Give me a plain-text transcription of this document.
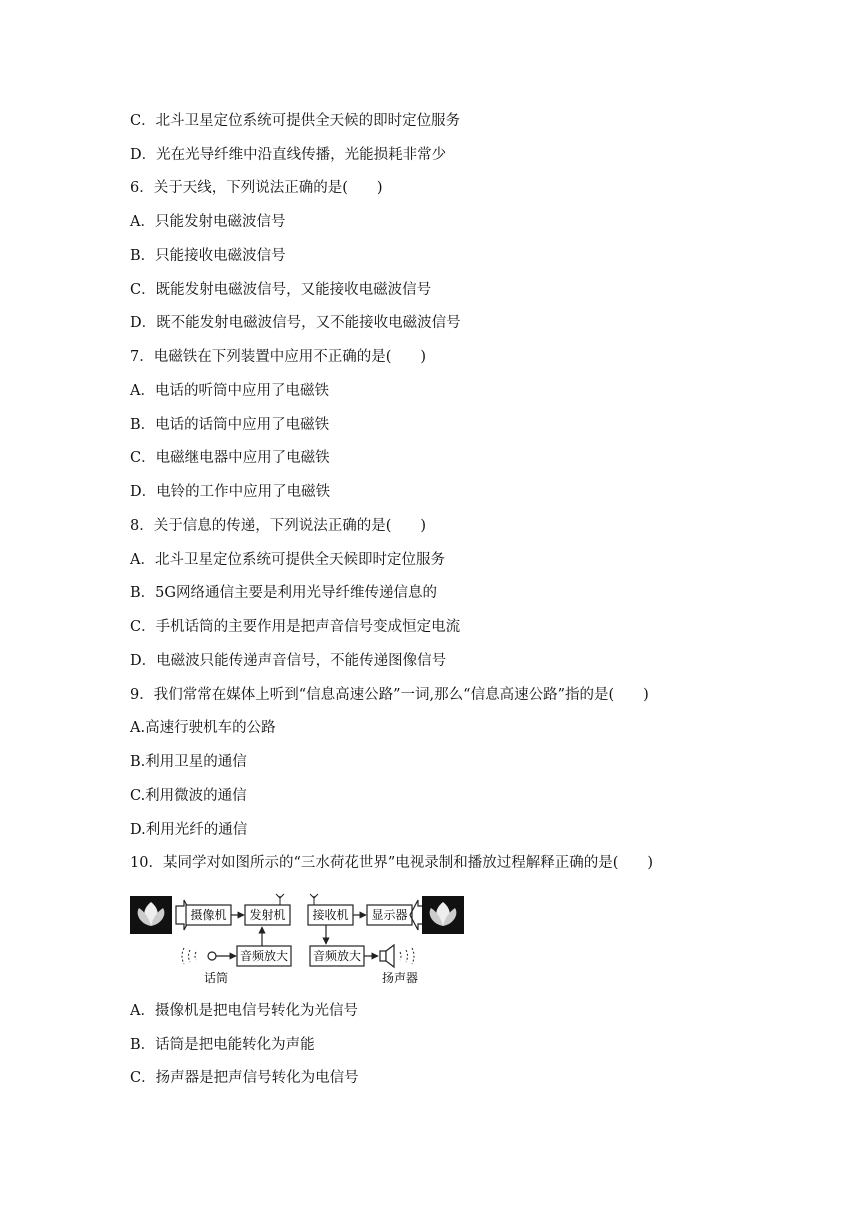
C．北斗卫星定位系统可提供全天候的即时定位服务
D．光在光导纤维中沿直线传播，光能损耗非常少
6．关于天线，下列说法正确的是(　　)
A．只能发射电磁波信号
B．只能接收电磁波信号
C．既能发射电磁波信号，又能接收电磁波信号
D．既不能发射电磁波信号，又不能接收电磁波信号
7．电磁铁在下列装置中应用不正确的是(　　)
A．电话的听筒中应用了电磁铁
B．电话的话筒中应用了电磁铁
C．电磁继电器中应用了电磁铁
D．电铃的工作中应用了电磁铁
8．关于信息的传递，下列说法正确的是(　　)
A．北斗卫星定位系统可提供全天候即时定位服务
B．5G网络通信主要是利用光导纤维传递信息的
C．手机话筒的主要作用是把声音信号变成恒定电流
D．电磁波只能传递声音信号，不能传递图像信号
9．我们常常在媒体上听到“信息高速公路”一词,那么“信息高速公路”指的是(　　)
A.高速行驶机车的公路
B.利用卫星的通信
C.利用微波的通信
D.利用光纤的通信
10．某同学对如图所示的“三水荷花世界”电视录制和播放过程解释正确的是(　　)
摄像机 发射机 接收机 显示器
话筒
音频放大 音频放大
扬声器
A．摄像机是把电信号转化为光信号
B．话筒是把电能转化为声能
C．扬声器是把声信号转化为电信号
